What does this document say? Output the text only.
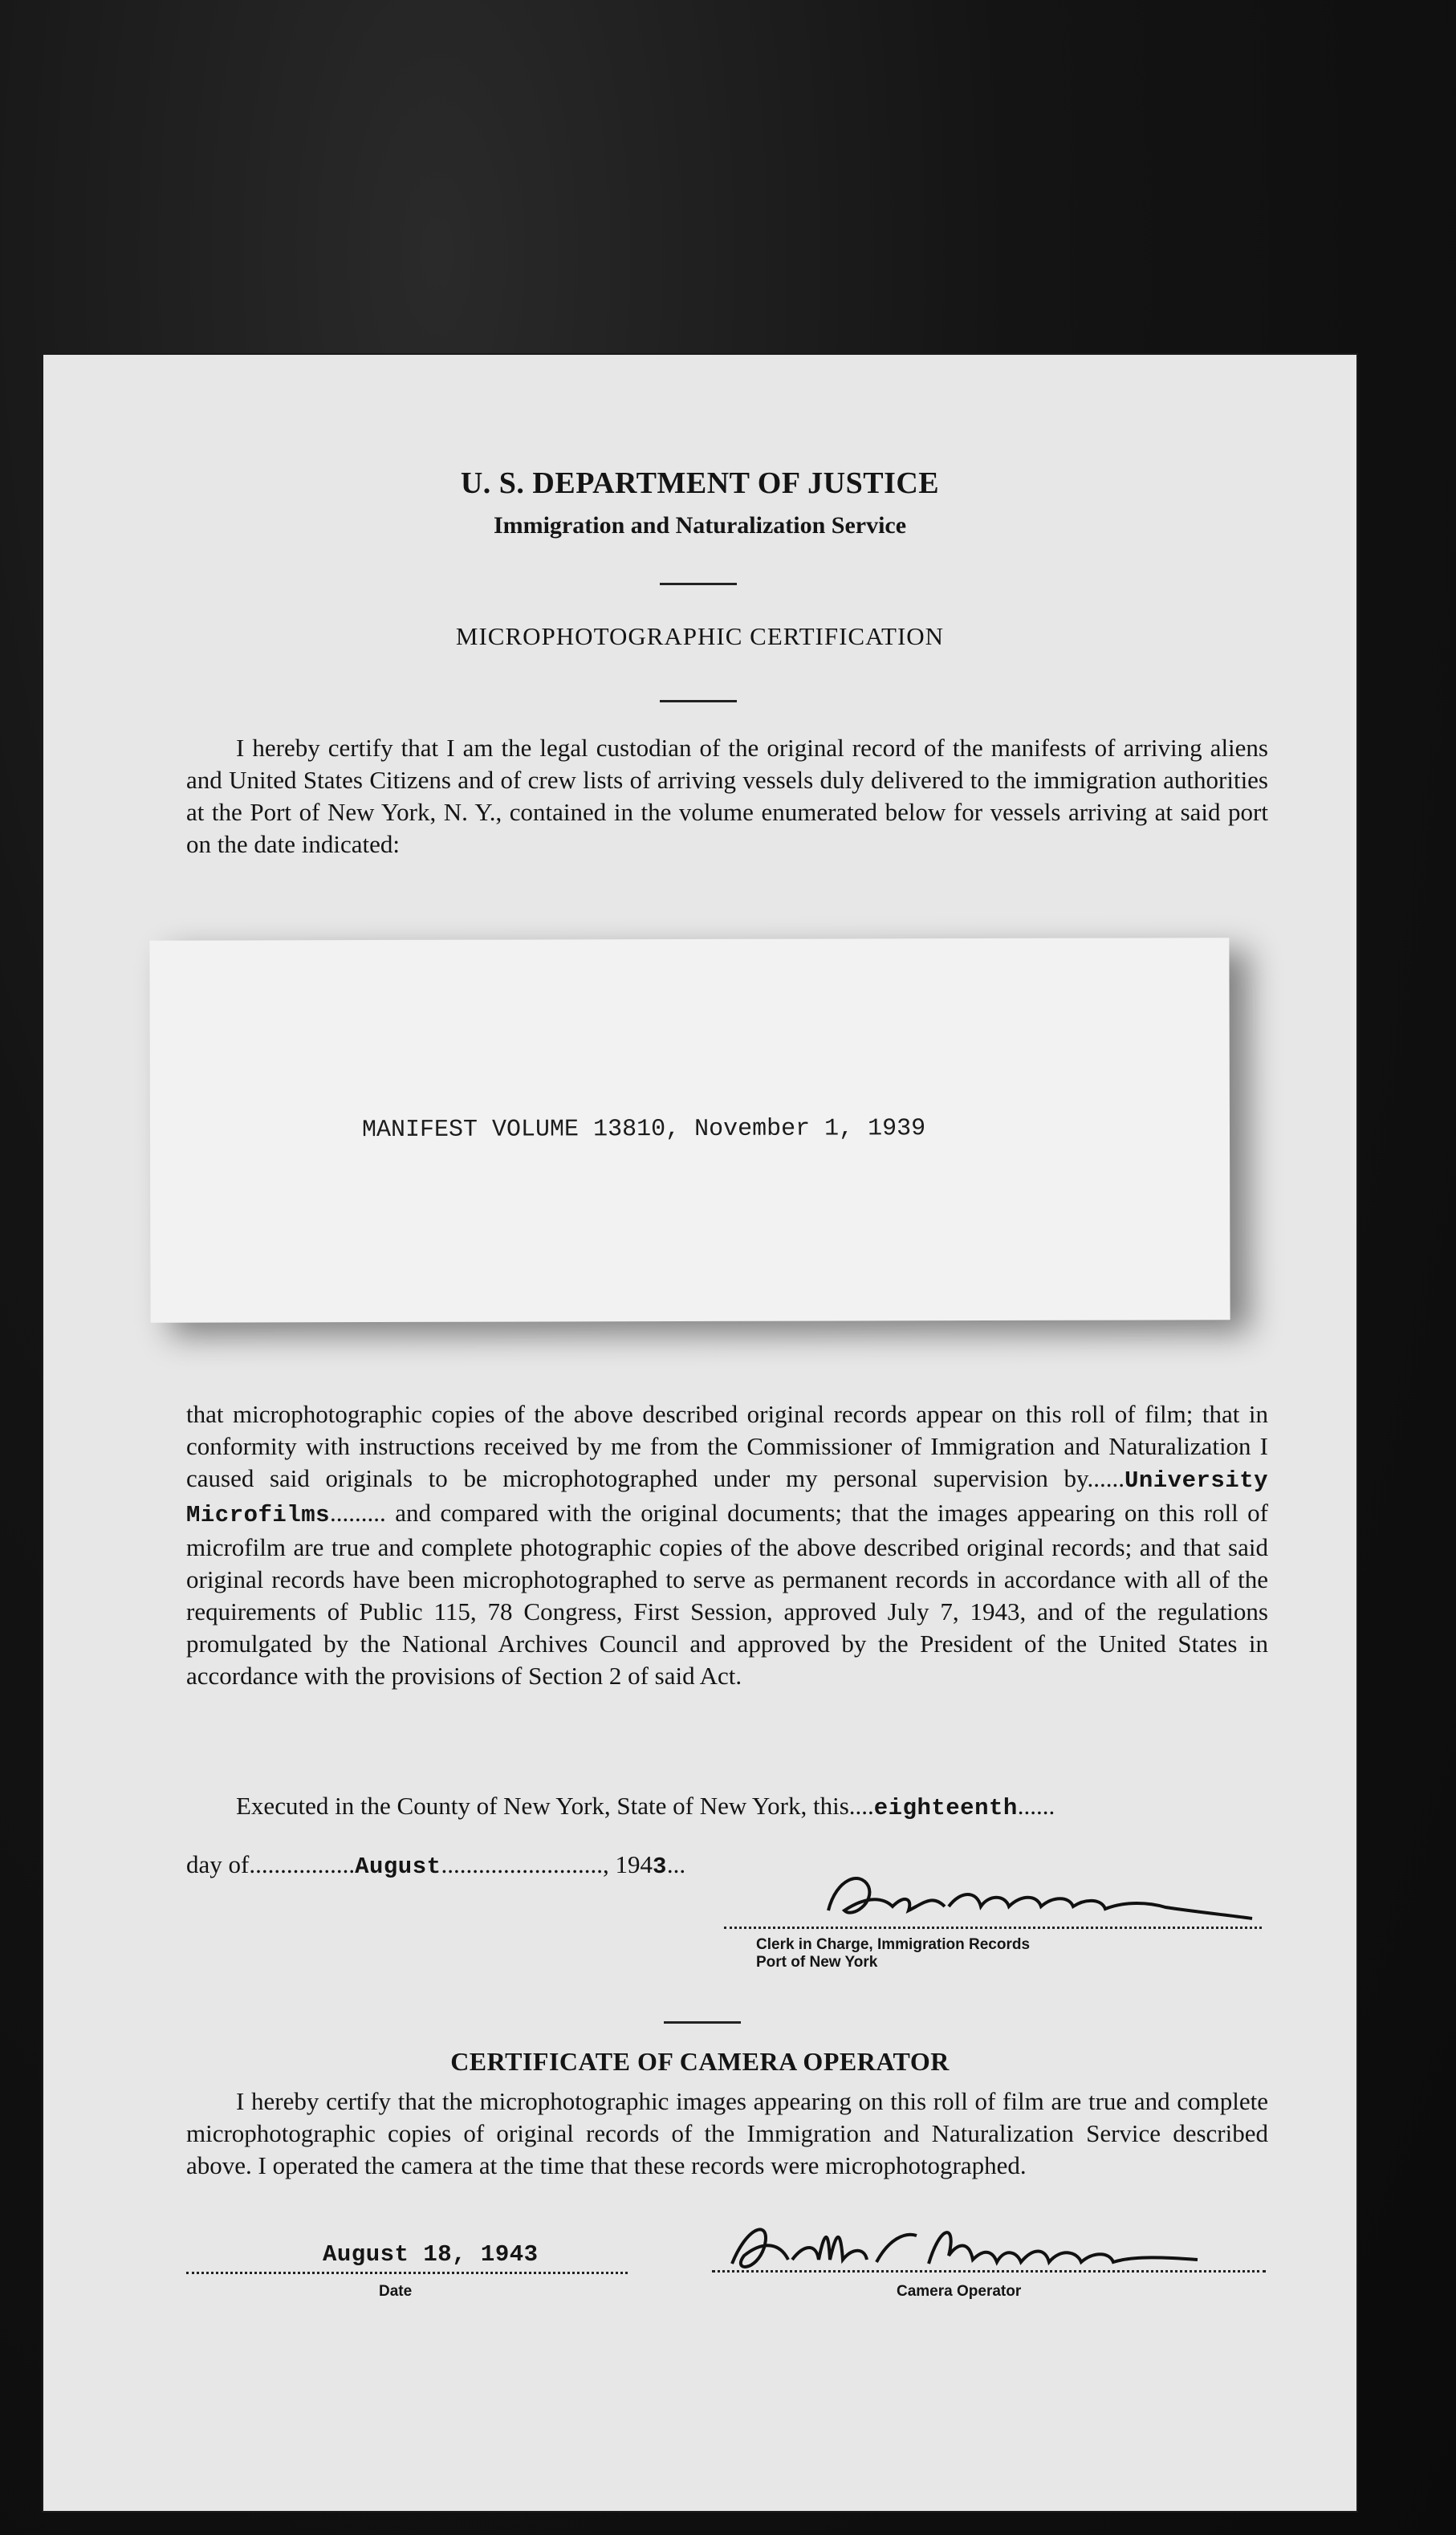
U. S. DEPARTMENT OF JUSTICE
Immigration and Naturalization Service
MICROPHOTOGRAPHIC CERTIFICATION
I hereby certify that I am the legal custodian of the original record of the manifests of arriving aliens and United States Citizens and of crew lists of arriving vessels duly delivered to the immigration authorities at the Port of New York, N. Y., contained in the volume enumerated below for vessels arriving at said port on the date indicated:
MANIFEST VOLUME 13810, November 1, 1939
that microphotographic copies of the above described original records appear on this roll of film; that in conformity with instructions received by me from the Commissioner of Immigration and Naturalization I caused said originals to be microphotographed under my personal supervision by......University Microfilms......... and compared with the original documents; that the images appearing on this roll of microfilm are true and complete photographic copies of the above described original records; and that said original records have been microphotographed to serve as permanent records in accordance with all of the requirements of Public 115, 78 Congress, First Session, approved July 7, 1943, and of the regulations promulgated by the National Archives Council and approved by the President of the United States in accordance with the provisions of Section 2 of said Act.
Executed in the County of New York, State of New York, this....eighteenth......
day of.................August.........................., 1943...
Clerk in Charge, Immigration Records
Port of New York
CERTIFICATE OF CAMERA OPERATOR
I hereby certify that the microphotographic images appearing on this roll of film are true and complete microphotographic copies of original records of the Immigration and Naturalization Service described above. I operated the camera at the time that these records were microphotographed.
August 18, 1943
Date	Camera Operator
